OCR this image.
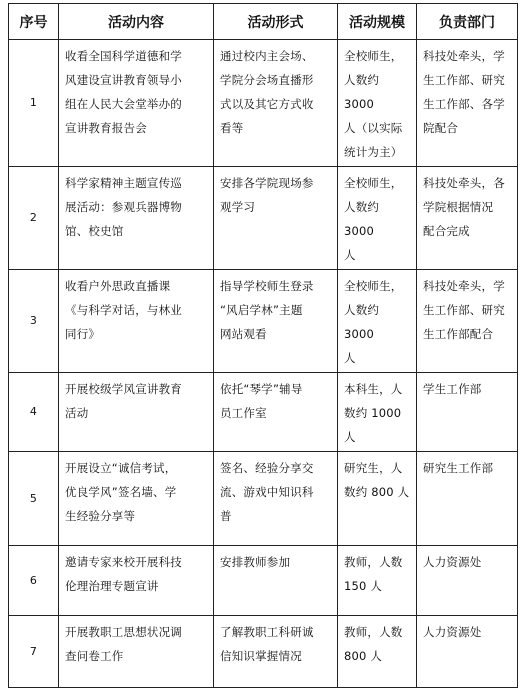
序号	活动内容	活动形式	活动规模	负责部门
1	收看全国科学道德和学
风建设宣讲教育领导小
组在人民大会堂举办的
宣讲教育报告会	通过校内主会场、
学院分会场直播形
式以及其它方式收
看等	全校师生，
人数约 3000
人（以实际
统计为主）	科技处牵头，学
生工作部、研究
生工作部、各学
院配合
2	科学家精神主题宣传巡
展活动：参观兵器博物
馆、校史馆	安排各学院现场参
观学习	全校师生，
人数约 3000
人	科技处牵头，各
学院根据情况
配合完成
3	收看户外思政直播课
《与科学对话，与林业
同行》	指导学校师生登录
“风启学林”主题
网站观看	全校师生，
人数约 3000
人	科技处牵头，学
生工作部、研究
生工作部配合
4	开展校级学风宣讲教育
活动	依托“琴学”辅导
员工作室	本科生，人
数约 1000 人	学生工作部
5	开展设立“诚信考试，
优良学风”签名墙、学
生经验分享等	签名、经验分享交
流、游戏中知识科
普	研究生，人
数约 800 人	研究生工作部
6	邀请专家来校开展科技
伦理治理专题宣讲	安排教师参加	教师，人数
150 人	人力资源处
7	开展教职工思想状况调
查问卷工作	了解教职工科研诚
信知识掌握情况	教师，人数
800 人	人力资源处
